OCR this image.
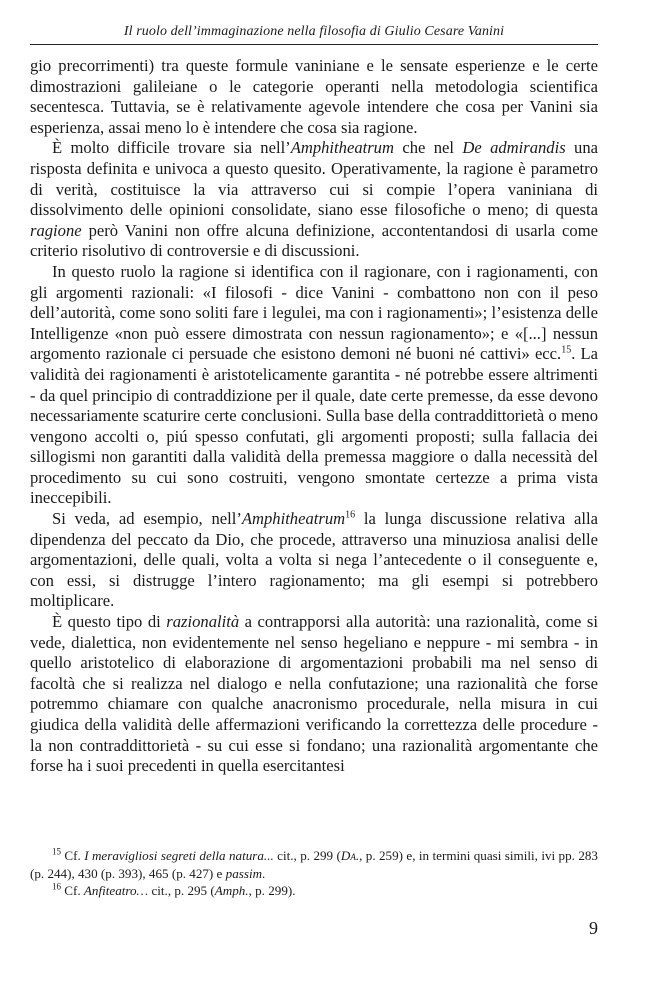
Il ruolo dell’immaginazione nella filosofia di Giulio Cesare Vanini

gio precorrimenti) tra queste formule vaniniane e le sensate esperienze e le certe dimostrazioni galileiane o le categorie operanti nella metodologia scientifica secentesca. Tuttavia, se è relativamente agevole intendere che cosa per Vanini sia esperienza, assai meno lo è intendere che cosa sia ragione.

È molto difficile trovare sia nell’Amphitheatrum che nel De admirandis una risposta definita e univoca a questo quesito. Operativamente, la ragione è parametro di verità, costituisce la via attraverso cui si compie l’opera vaniniana di dissolvimento delle opinioni consolidate, siano esse filosofiche o meno; di questa ragione però Vanini non offre alcuna definizione, accontentandosi di usarla come criterio risolutivo di controversie e di discussioni.

In questo ruolo la ragione si identifica con il ragionare, con i ragionamenti, con gli argomenti razionali: «I filosofi - dice Vanini - combattono non con il peso dell’autorità, come sono soliti fare i legulei, ma con i ragionamenti»; l’esistenza delle Intelligenze «non può essere dimostrata con nessun ragionamento»; e «[...] nessun argomento razionale ci persuade che esistono demoni né buoni né cattivi» ecc.$^{15}$. La validità dei ragionamenti è aristotelicamente garantita - né potrebbe essere altrimenti - da quel principio di contraddizione per il quale, date certe premesse, da esse devono necessariamente scaturire certe conclusioni. Sulla base della contraddittorietà o meno vengono accolti o, piú spesso confutati, gli argomenti proposti; sulla fallacia dei sillogismi non garantiti dalla validità della premessa maggiore o dalla necessità del procedimento su cui sono costruiti, vengono smontate certezze a prima vista ineccepibili.

Si veda, ad esempio, nell’Amphitheatrum$^{16}$ la lunga discussione relativa alla dipendenza del peccato da Dio, che procede, attraverso una minuziosa analisi delle argomentazioni, delle quali, volta a volta si nega l’antecedente o il conseguente e, con essi, si distrugge l’intero ragionamento; ma gli esempi si potrebbero moltiplicare.

È questo tipo di razionalità a contrapporsi alla autorità: una razionalità, come si vede, dialettica, non evidentemente nel senso hegeliano e neppure - mi sembra - in quello aristotelico di elaborazione di argomentazioni probabili ma nel senso di facoltà che si realizza nel dialogo e nella confutazione; una razionalità che forse potremmo chiamare con qualche anacronismo procedurale, nella misura in cui giudica della validità delle affermazioni verificando la correttezza delle procedure - la non contraddittorietà - su cui esse si fondano; una razionalità argomentante che forse ha i suoi precedenti in quella esercitantesi

$^{15}$ Cf. I meravigliosi segreti della natura... cit., p. 299 (Da., p. 259) e, in termini quasi simili, ivi pp. 283 (p. 244), 430 (p. 393), 465 (p. 427) e passim.

$^{16}$ Cf. Anfiteatro… cit., p. 295 (Amph., p. 299).

9
